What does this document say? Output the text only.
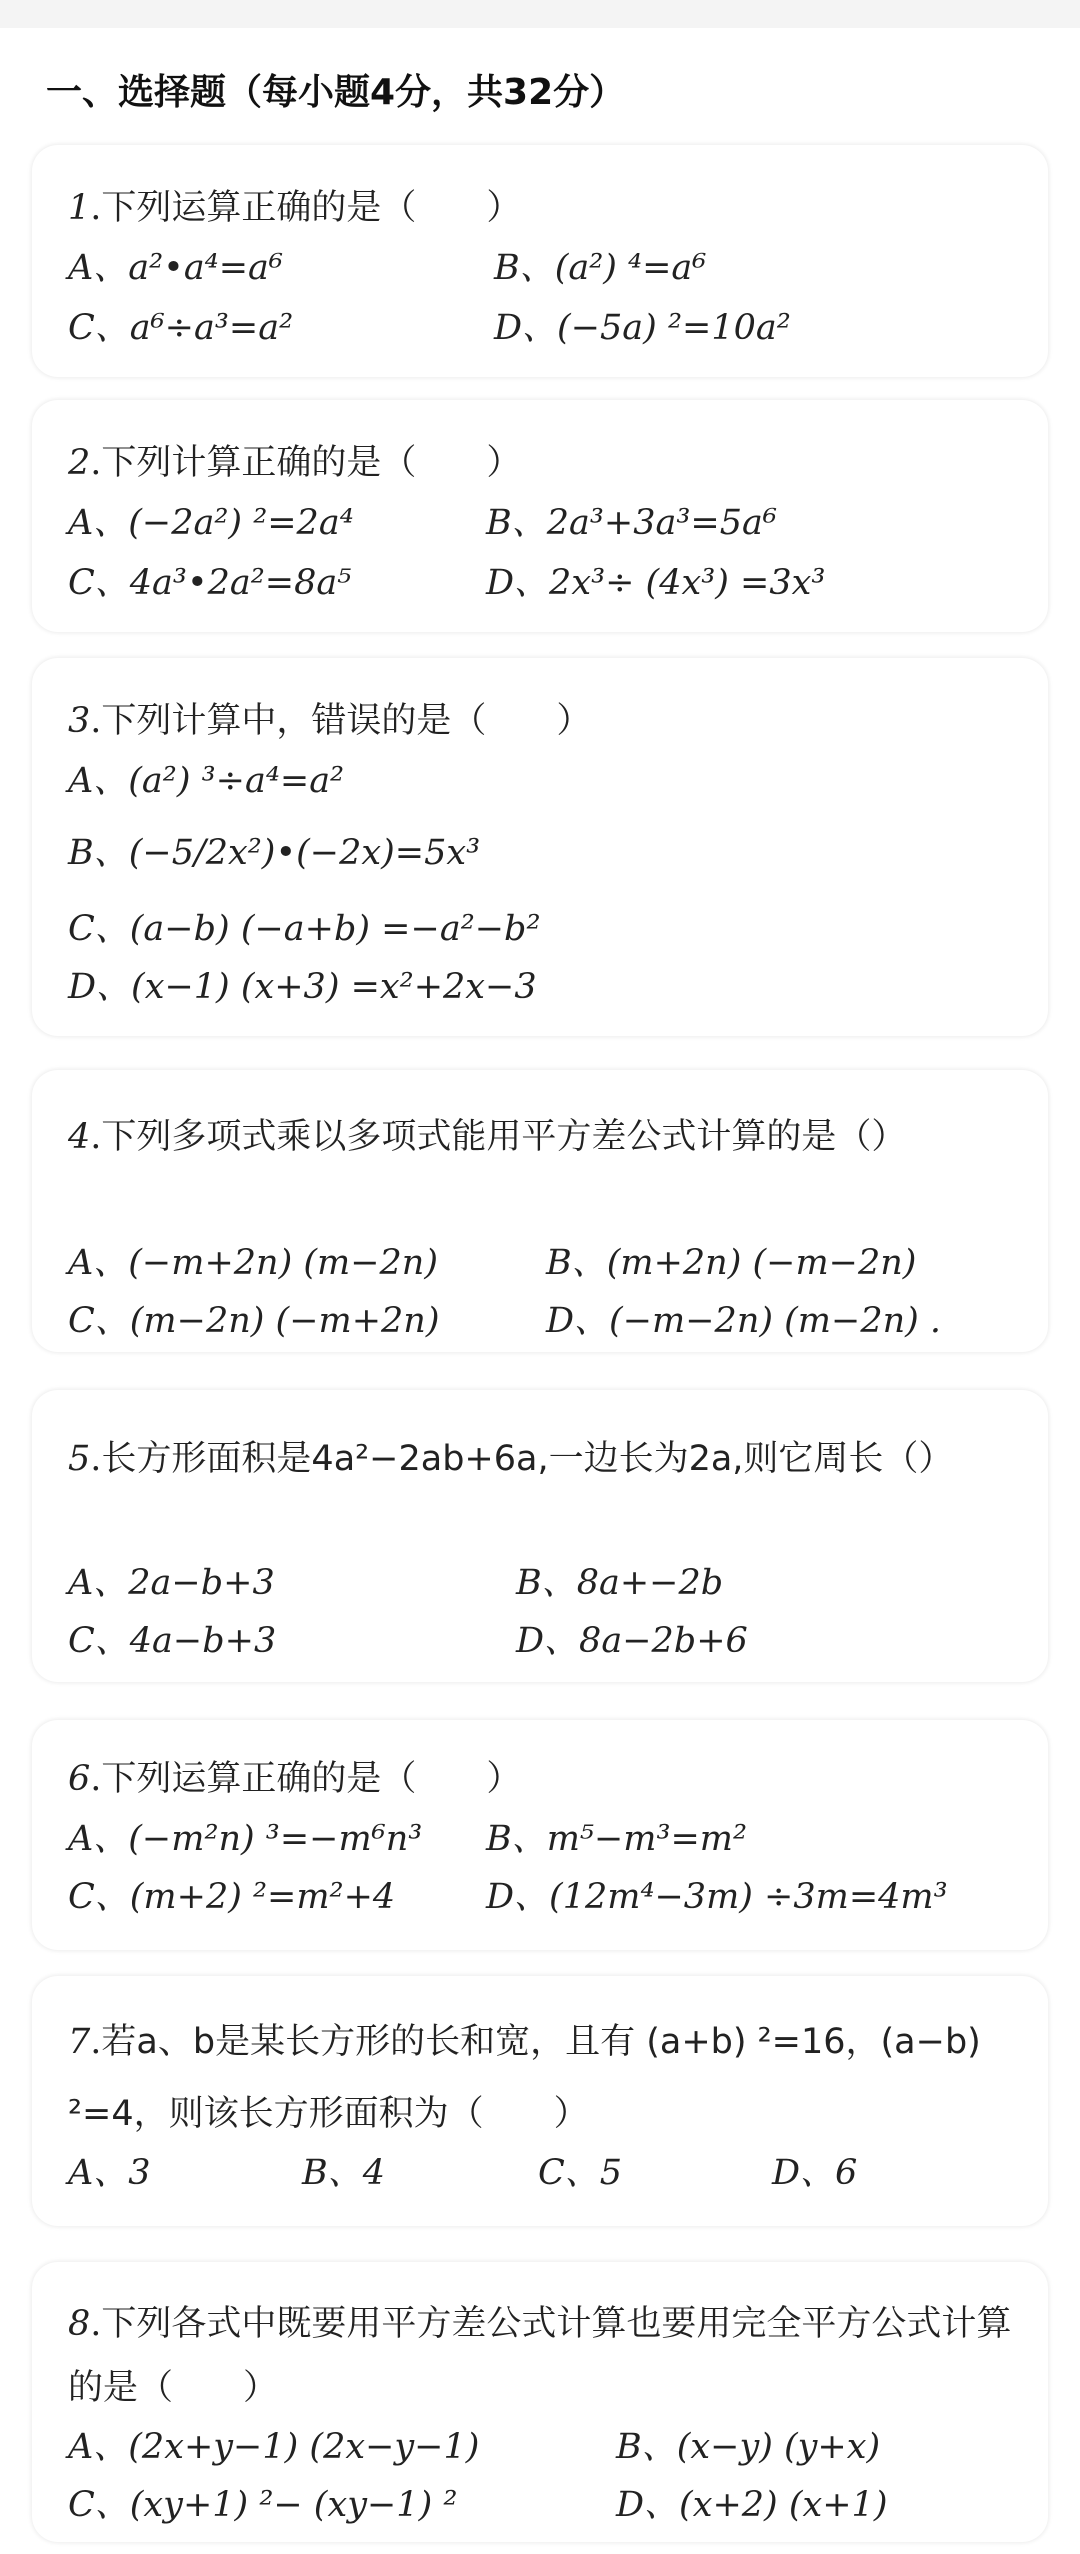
一、选择题（每小题4分，共32分）
1.下列运算正确的是（　　）
A、a²•a⁴=a⁶	B、(a²) ⁴=a⁶
C、a⁶÷a³=a²	D、(−5a) ²=10a²
2.下列计算正确的是（　　）
A、(−2a²) ²=2a⁴	B、2a³+3a³=5a⁶
C、4a³•2a²=8a⁵	D、2x³÷ (4x³) =3x³
3.下列计算中，错误的是（　　）
A、(a²) ³÷a⁴=a²
B、(−5/2x²)•(−2x)=5x³
C、(a−b) (−a+b) =−a²−b²
D、(x−1) (x+3) =x²+2x−3
4.下列多项式乘以多项式能用平方差公式计算的是（）
A、(−m+2n) (m−2n)	B、(m+2n) (−m−2n)
C、(m−2n) (−m+2n)	D、(−m−2n) (m−2n) .
5.长方形面积是4a²−2ab+6a,一边长为2a,则它周长（）
A、2a−b+3	B、8a+−2b
C、4a−b+3	D、8a−2b+6
6.下列运算正确的是（　　）
A、(−m²n) ³=−m⁶n³ B、m⁵−m³=m²
C、(m+2) ²=m²+4	D、(12m⁴−3m) ÷3m=4m³
7.若a、b是某长方形的长和宽，且有 (a+b) ²=16，(a−b) ²=4，则该长方形面积为（　　）
A、3	B、4	C、5	D、6
8.下列各式中既要用平方差公式计算也要用完全平方公式计算的是（　　）
A、(2x+y−1) (2x−y−1)	B、(x−y) (y+x)
C、(xy+1) ²− (xy−1) ²	D、(x+2) (x+1)
